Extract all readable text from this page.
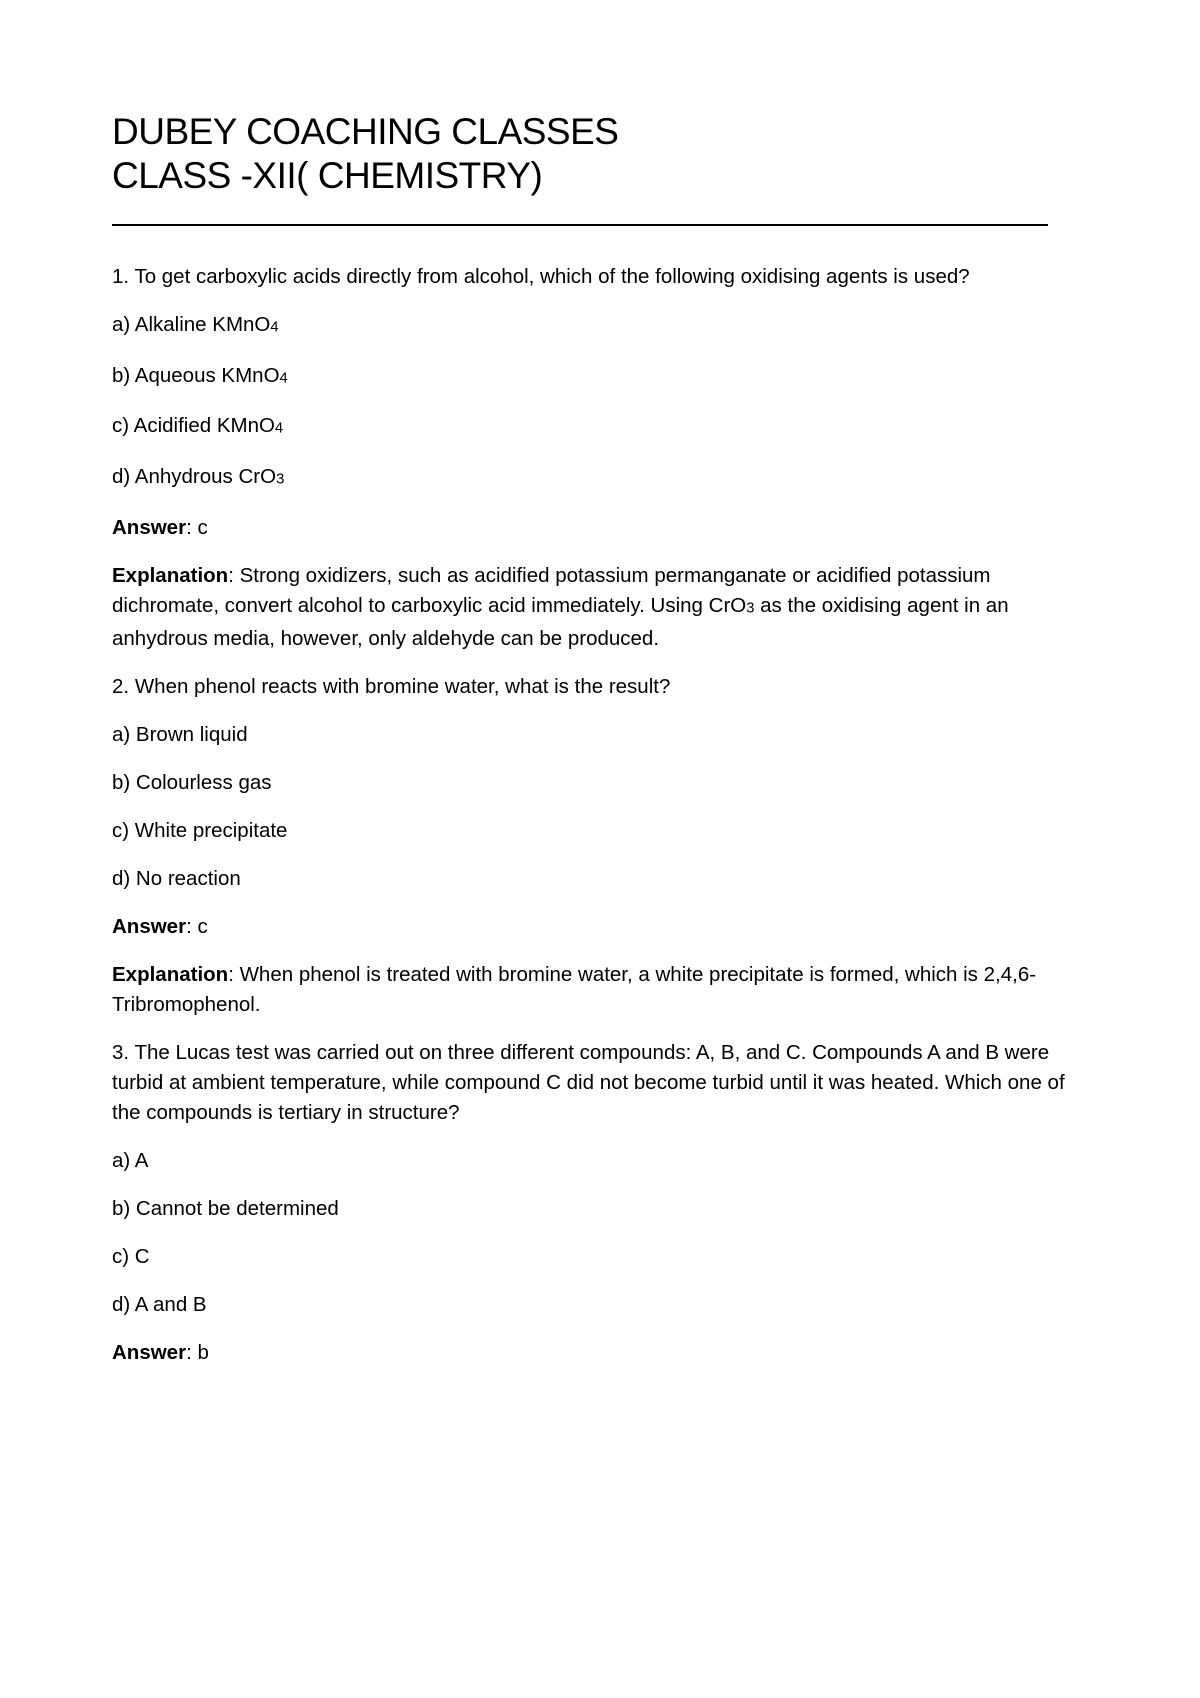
DUBEY COACHING CLASSES
CLASS -XII( CHEMISTRY)

1. To get carboxylic acids directly from alcohol, which of the following oxidising agents is used?

a) Alkaline KMnO$_4$

b) Aqueous KMnO$_4$

c) Acidified KMnO$_4$

d) Anhydrous CrO$_3$

Answer: c

Explanation: Strong oxidizers, such as acidified potassium permanganate or acidified potassium dichromate, convert alcohol to carboxylic acid immediately. Using CrO$_3$ as the oxidising agent in an anhydrous media, however, only aldehyde can be produced.

2. When phenol reacts with bromine water, what is the result?

a) Brown liquid

b) Colourless gas

c) White precipitate

d) No reaction

Answer: c

Explanation: When phenol is treated with bromine water, a white precipitate is formed, which is 2,4,6-Tribromophenol.

3. The Lucas test was carried out on three different compounds: A, B, and C. Compounds A and B were turbid at ambient temperature, while compound C did not become turbid until it was heated. Which one of the compounds is tertiary in structure?

a) A

b) Cannot be determined

c) C

d) A and B

Answer: b
